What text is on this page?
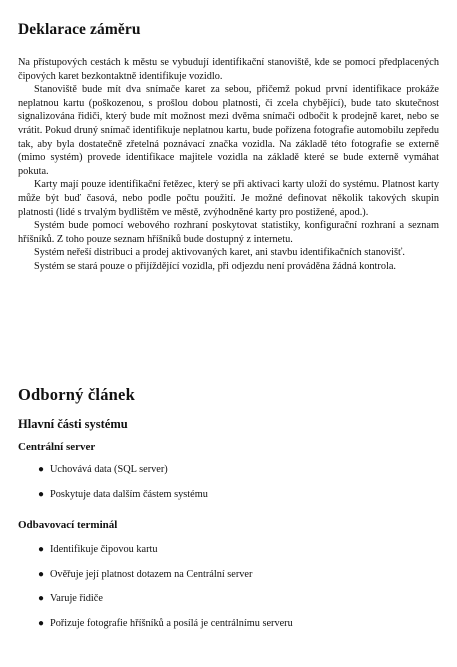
Deklarace záměru

Na přístupových cestách k městu se vybudují identifikační stanoviště, kde se pomocí předplacených čipových karet bezkontaktně identifikuje vozidlo.

Stanoviště bude mít dva snímače karet za sebou, přičemž pokud první identifikace prokáže neplatnou kartu (poškozenou, s prošlou dobou platnosti, či zcela chybějící), bude tato skutečnost signalizována řidiči, který bude mít možnost mezi dvěma snímači odbočit k prodejně karet, nebo se vrátit. Pokud druný snímač identifikuje neplatnou kartu, bude pořízena fotografie automobilu zepředu tak, aby byla dostatečně zřetelná poznávací značka vozidla. Na základě této fotografie se externě (mimo systém) provede identifikace majitele vozidla na základě které se bude externě vymáhat pokuta.

Karty mají pouze identifikační řetězec, který se při aktivaci karty uloží do systému. Platnost karty může být buď časová, nebo podle počtu použití. Je možné definovat několik takových skupin platnosti (lidé s trvalým bydlištěm ve městě, zvýhodněné karty pro postižené, apod.).

Systém bude pomocí webového rozhraní poskytovat statistiky, konfigurační rozhraní a seznam hříšníků. Z toho pouze seznam hříšníků bude dostupný z internetu.

Systém neřeší distribuci a prodej aktivovaných karet, ani stavbu identifikačních stanovišť.

Systém se stará pouze o přijíždějící vozidla, při odjezdu není prováděna žádná kontrola.

Odborný článek
Hlavní části systému
Centrální server
● Uchovává data (SQL server)
● Poskytuje data dalším částem systému
Odbavovací terminál
● Identifikuje čipovou kartu
● Ověřuje její platnost dotazem na Centrální server
● Varuje řidiče
● Pořizuje fotografie hříšníků a posílá je centrálnímu serveru
